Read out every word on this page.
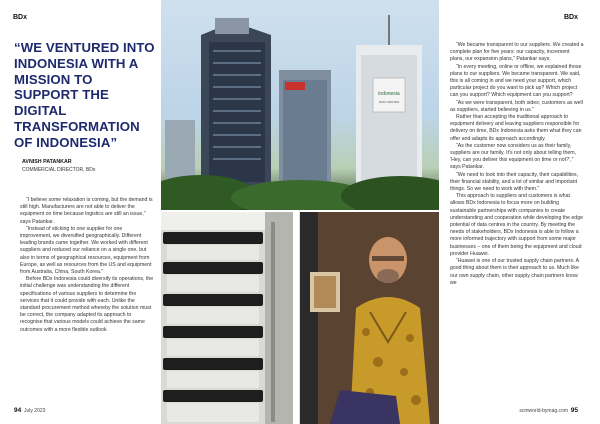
BDx
“WE VENTURED INTO INDONESIA WITH A MISSION TO SUPPORT THE DIGITAL TRANSFORMATION OF INDONESIA”
AVNISH PATANKAR
COMMERCIAL DIRECTOR, BDx

“I believe some relaxation is coming, but the demand is still high. Manufacturers are not able to deliver the equipment on time because logistics are still an issue,” says Patankar.

“Instead of sticking to one supplier for one improvement, we diversified geographically. Different leading brands came together. We worked with different suppliers and reduced our reliance on a single one, but also in terms of geographical resources, equipment from Europe, as well as resources from the US and equipment from Australia, China, South Korea.”

Before BDx Indonesia could diversify its operations, the initial challenge was understanding the different specifications of various suppliers to determine the services that it could provide with each. Unlike the standard procurement method whereby the solution must be correct, the company adapted its approach to recognise that various models could achieve the same outcomes with a more flexible outlook.

94 July 2023
BDx
scmworld-bymag.com 95

“We became transparent to our suppliers. We created a complete plan for five years: our capacity, increment plans, our expansion plans,” Patankar says.

“In every meeting, online or offline, we explained those plans to our suppliers. We became transparent. We said, this is all coming in and we need your support, which particular project do you want to pick up? Which project can you support? Which equipment can you support?

“As we were transparent, both sides; customers as well as suppliers, started believing in us.”

Rather than accepting the traditional approach to equipment delivery and leaving suppliers responsible for delivery on time, BDx Indonesia asks them what they can offer and adapts its approach accordingly.

“As the customer now considers us as their family, suppliers are our family. It's not only about telling them, ‘Hey, can you deliver this equipment on time or not?’,” says Patankar.

“We need to look into their capacity, their capabilities, their financial stability, and a lot of similar and important things. So we need to work with them.”

This approach to suppliers and customers is what allows BDx Indonesia to focus more on building sustainable partnerships with companies to create understanding and cooperation while developing the edge potential of data centres in the country. By meeting the needs of stakeholders, BDx Indonesia is able to follow a more informed trajectory with support from some major businesses – one of them being the equipment and cloud provider Huawei.

“Huawei is one of our trusted supply chain partners. A good thing about them is their approach to us. Much like our own supply chain, other supply chain partners know we

indonesia
DATA CENTER
